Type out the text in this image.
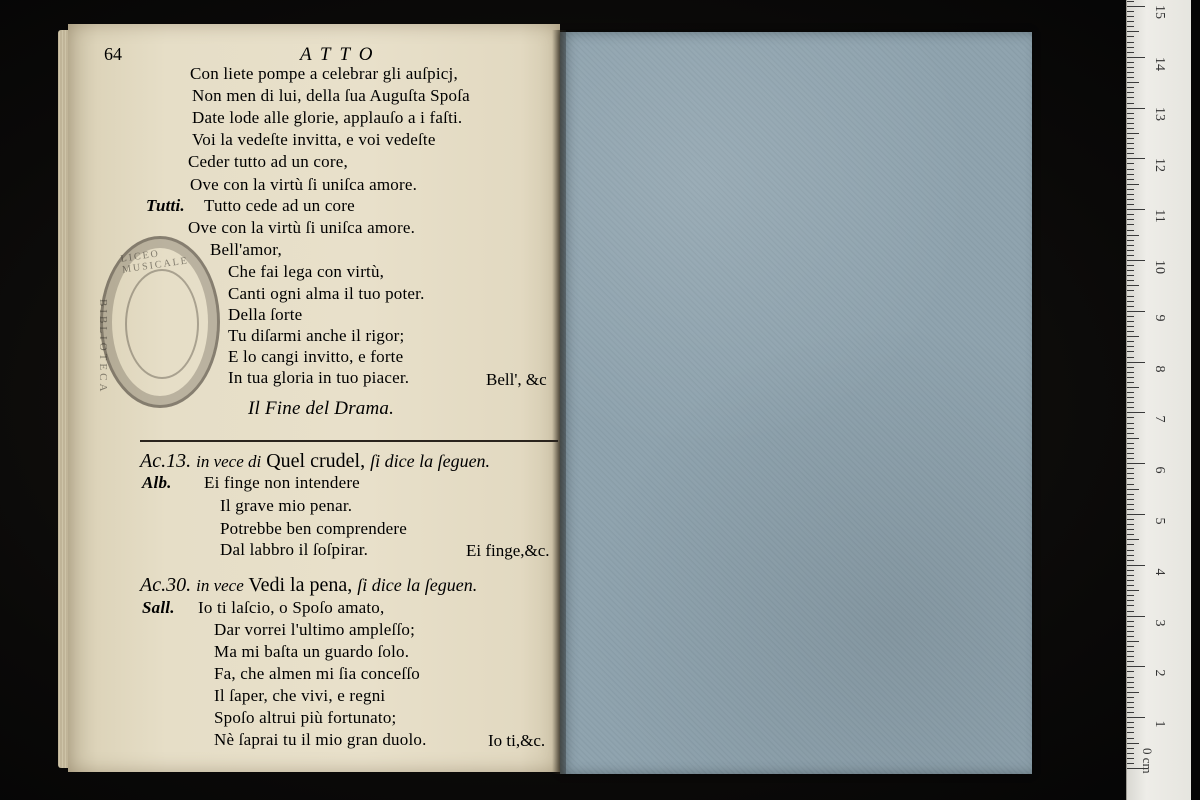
64	ATTO
Con liete pompe a celebrar gli auſpicj,
Non men di lui, della ſua Auguſta Spoſa
Date lode alle glorie, applauſo a i faſti.
Voi la vedeſte invitta, e voi vedeſte
Ceder tutto ad un core,
Ove con la virtù ſi uniſca amore.
Tutti. Tutto cede ad un core
Ove con la virtù ſi uniſca amore.
Bell'amor,
Che fai lega con virtù,
Canti ogni alma il tuo poter.
Della ſorte
Tu diſarmi anche il rigor;
E lo cangi invitto, e forte
In tua gloria in tuo piacer.	Bell', &c
Il Fine del Drama.
Ac.13. in vece di Quel crudel, ſi dice la ſeguen.
Alb. Ei finge non intendere
Il grave mio penar.
Potrebbe ben comprendere
Dal labbro il ſoſpirar.	Ei finge,&c.
Ac.30. in vece Vedi la pena, ſi dice la ſeguen.
Sall. Io ti laſcio, o Spoſo amato,
Dar vorrei l'ultimo ampleſſo;
Ma mi baſta un guardo ſolo.
Fa, che almen mi ſia conceſſo
Il ſaper, che vivi, e regni
Spoſo altrui più fortunato;
Nè ſaprai tu il mio gran duolo.	Io ti,&c.
LICEO MUSICALE
BIBLIOTECA
15
14
13
12
11
10
9
8
7
6
5
4
3
2
1
0 cm
